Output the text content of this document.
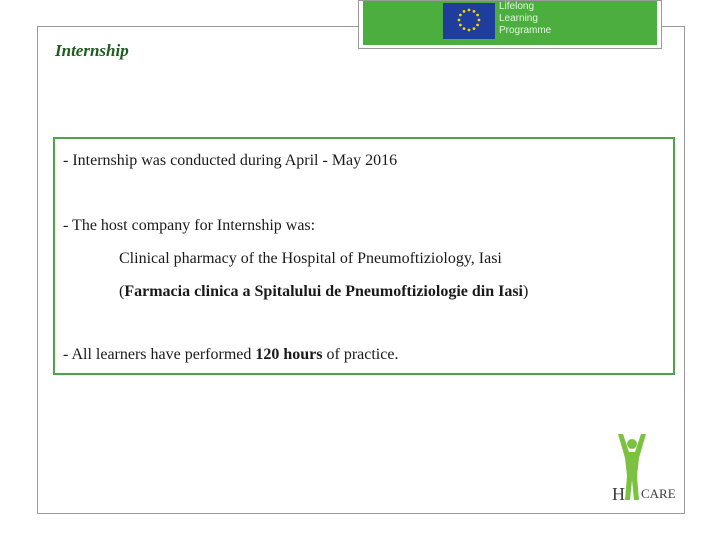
Lifelong
Learning
Programme
Internship
- Internship was conducted during April - May 2016
- The host company for Internship was:
Clinical pharmacy of the Hospital of Pneumoftiziology, Iasi
(Farmacia clinica a Spitalului de Pneumoftiziologie din Iasi)
- All learners have performed 120 hours of practice.
H CARE
